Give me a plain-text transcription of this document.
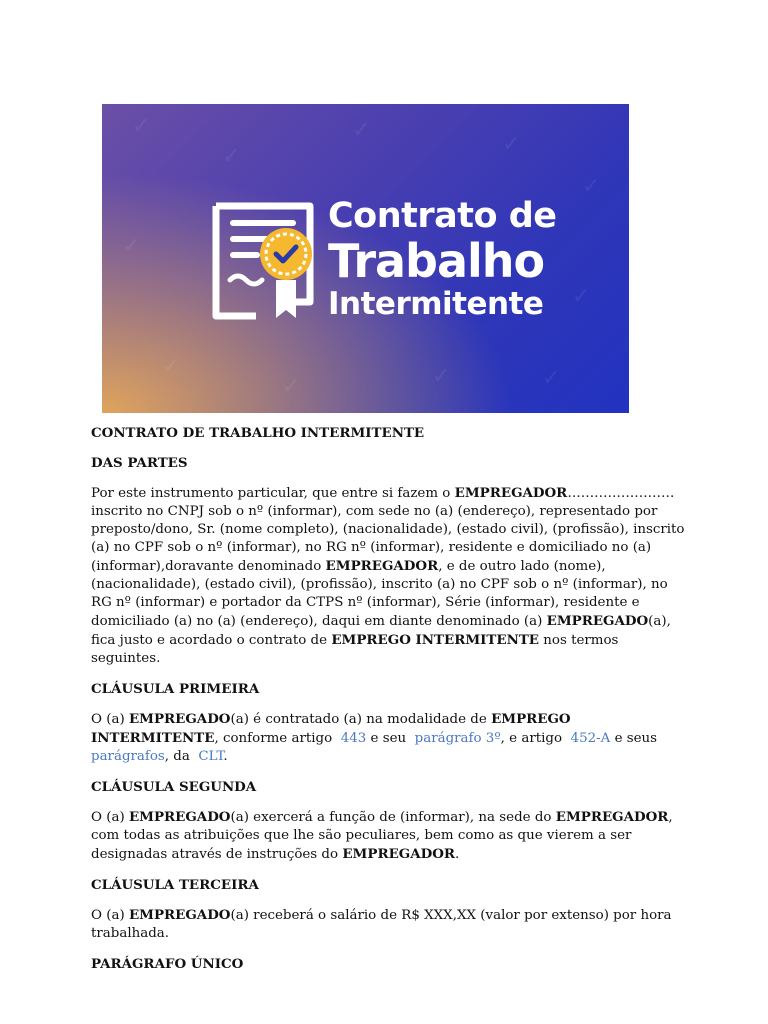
✓
✓
✓
✓
✓
✓
✓
✓
✓	✓	✓
Contrato de
Trabalho
Intermitente

CONTRATO DE TRABALHO INTERMITENTE

DAS PARTES

Por este instrumento particular, que entre si fazem o EMPREGADOR……………………inscrito no CNPJ sob o nº (informar), com sede no (a) (endereço), representado por preposto/dono, Sr. (nome completo), (nacionalidade), (estado civil), (profissão), inscrito (a) no CPF sob o nº (informar), no RG nº (informar), residente e domiciliado no (a) (informar),doravante denominado EMPREGADOR, e de outro lado (nome), (nacionalidade), (estado civil), (profissão), inscrito (a) no CPF sob o nº (informar), no RG nº (informar) e portador da CTPS nº (informar), Série (informar), residente e domiciliado (a) no (a) (endereço), daqui em diante denominado (a) EMPREGADO(a), fica justo e acordado o contrato de EMPREGO INTERMITENTE nos termos seguintes.

CLÁUSULA PRIMEIRA

O (a) EMPREGADO(a) é contratado (a) na modalidade de EMPREGO INTERMITENTE, conforme artigo 443 e seu parágrafo 3º, e artigo 452-A e seus  parágrafos, da CLT.

CLÁUSULA SEGUNDA

O (a) EMPREGADO(a) exercerá a função de (informar), na sede do EMPREGADOR, com todas as atribuições que lhe são peculiares, bem como as que vierem a ser designadas através de instruções do EMPREGADOR.

CLÁUSULA TERCEIRA

O (a) EMPREGADO(a) receberá o salário de R$ XXX,XX (valor por extenso) por hora trabalhada.

PARÁGRAFO ÚNICO
